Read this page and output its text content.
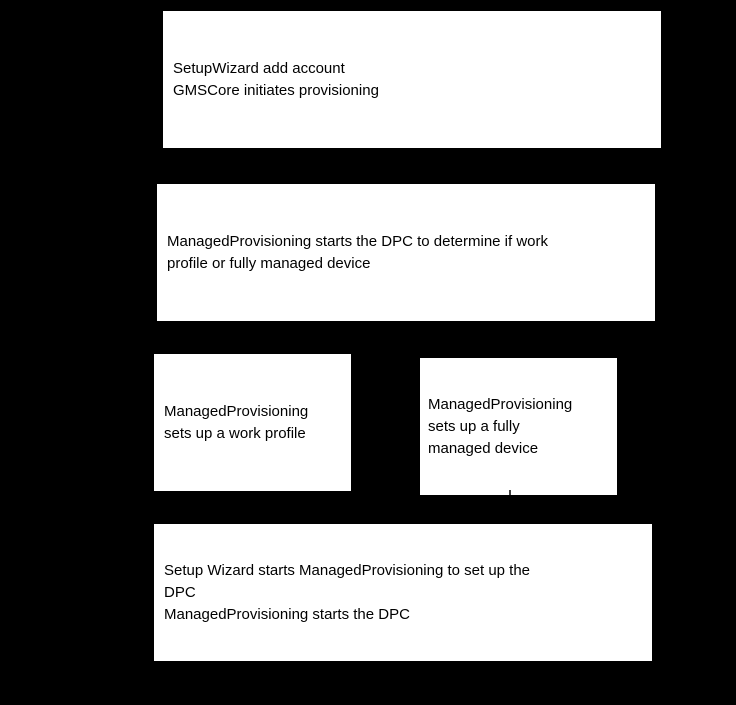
SetupWizard add account
GMSCore initiates provisioning
ManagedProvisioning starts the DPC to determine if work
profile or fully managed device
ManagedProvisioning
sets up a work profile
ManagedProvisioning
sets up a fully
managed device
Setup Wizard starts ManagedProvisioning to set up the
DPC
ManagedProvisioning starts the DPC
